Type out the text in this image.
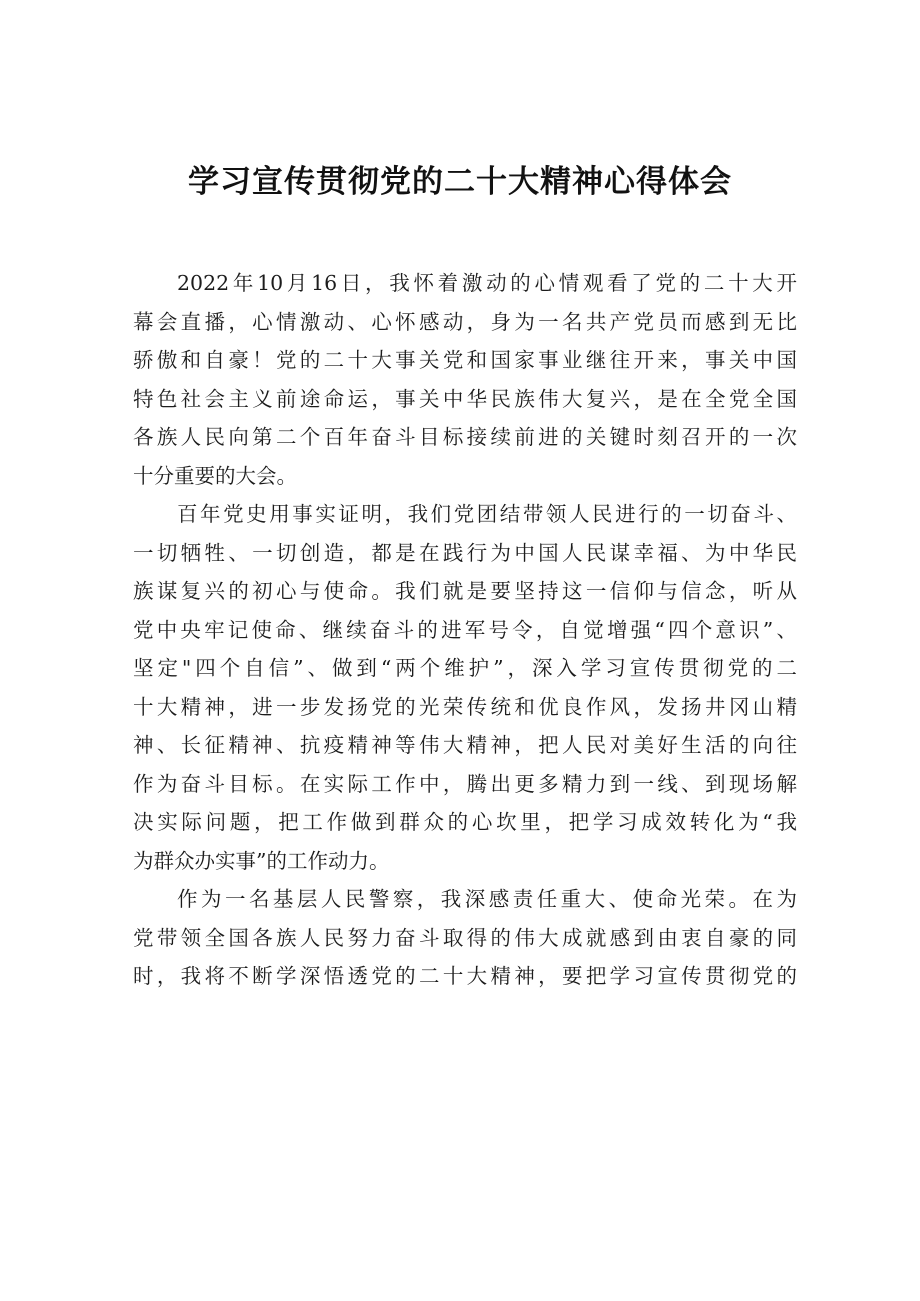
学习宣传贯彻党的二十大精神心得体会
2022年10月16日，我怀着激动的心情观看了党的二十大开
幕会直播，心情激动、心怀感动，身为一名共产党员而感到无比
骄傲和自豪！党的二十大事关党和国家事业继往开来，事关中国
特色社会主义前途命运，事关中华民族伟大复兴，是在全党全国
各族人民向第二个百年奋斗目标接续前进的关键时刻召开的一次
十分重要的大会。
百年党史用事实证明，我们党团结带领人民进行的一切奋斗、
一切牺牲、一切创造，都是在践行为中国人民谋幸福、为中华民
族谋复兴的初心与使命。我们就是要坚持这一信仰与信念，听从
党中央牢记使命、继续奋斗的进军号令，自觉增强“四个意识”、
坚定"四个自信”、做到“两个维护”，深入学习宣传贯彻党的二
十大精神，进一步发扬党的光荣传统和优良作风，发扬井冈山精
神、长征精神、抗疫精神等伟大精神，把人民对美好生活的向往
作为奋斗目标。在实际工作中，腾出更多精力到一线、到现场解
决实际问题，把工作做到群众的心坎里，把学习成效转化为“我
为群众办实事”的工作动力。
作为一名基层人民警察，我深感责任重大、使命光荣。在为
党带领全国各族人民努力奋斗取得的伟大成就感到由衷自豪的同
时，我将不断学深悟透党的二十大精神，要把学习宣传贯彻党的
